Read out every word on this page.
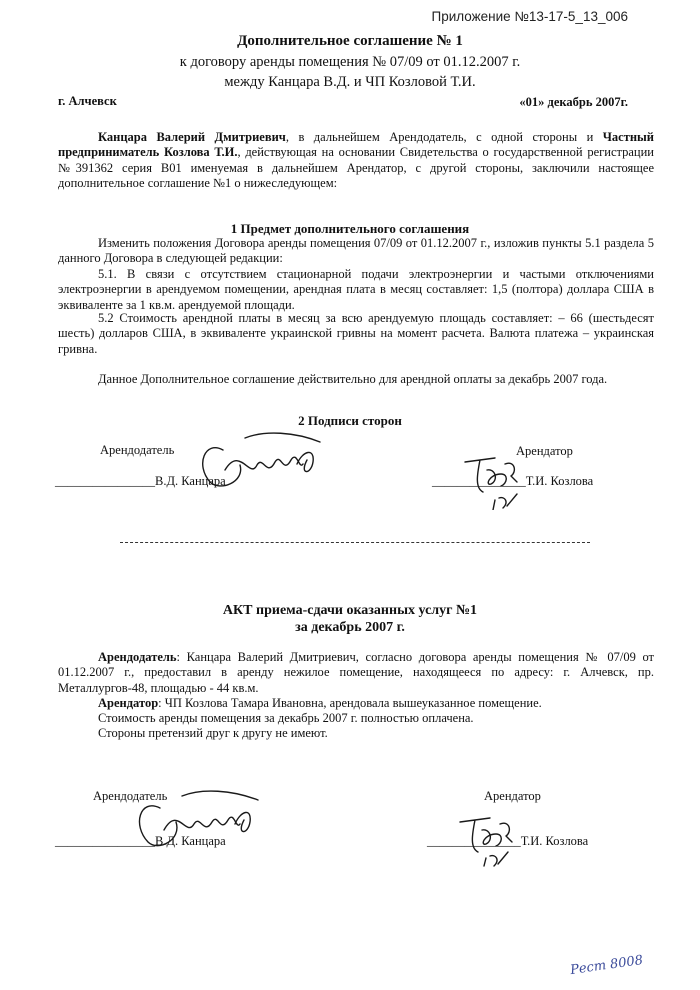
Приложение №13-17-5_13_006
Дополнительное соглашение № 1
к договору аренды помещения № 07/09 от 01.12.2007 г.
между Канцара В.Д. и ЧП Козловой Т.И.
г. Алчевск	«01» декабрь 2007г.
Канцара Валерий Дмитриевич, в дальнейшем Арендодатель, с одной стороны и Частный предприниматель Козлова Т.И., действующая на основании Свидетельства о государственной регистрации №391362 серия В01 именуемая в дальнейшем Арендатор, с другой стороны, заключили настоящее дополнительное соглашение №1 о нижеследующем:
1 Предмет дополнительного соглашения
Изменить положения Договора аренды помещения 07/09 от 01.12.2007 г., изложив пункты 5.1 раздела 5 данного Договора в следующей редакции:
5.1. В связи с отсутствием стационарной подачи электроэнергии и частыми отключениями электроэнергии в арендуемом помещении, арендная плата в месяц составляет: 1,5 (полтора) доллара США в эквиваленте за 1 кв.м. арендуемой площади.
5.2 Стоимость арендной платы в месяц за всю арендуемую площадь составляет: – 66 (шестьдесят шесть) долларов США, в эквиваленте украинской гривны на момент расчета. Валюта платежа – украинская гривна.
Данное Дополнительное соглашение действительно для арендной оплаты за декабрь 2007 года.
2 Подписи сторон
Арендодатель	Арендатор
________________В.Д. Канцара	_______________Т.И. Козлова
АКТ приема-сдачи оказанных услуг №1
за декабрь 2007 г.
Арендодатель: Канцара Валерий Дмитриевич, согласно договора аренды помещения № 07/09 от 01.12.2007 г., предоставил в аренду нежилое помещение, находящееся по адресу: г. Алчевск, пр. Металлургов-48, площадью - 44 кв.м.
Арендатор: ЧП Козлова Тамара Ивановна, арендовала вышеуказанное помещение.
Стоимость аренды помещения за декабрь 2007 г. полностью оплачена.
Стороны претензий друг к другу не имеют.
Арендодатель	Арендатор
________________В.Д. Канцара	_______________Т.И. Козлова
Рест 8008
